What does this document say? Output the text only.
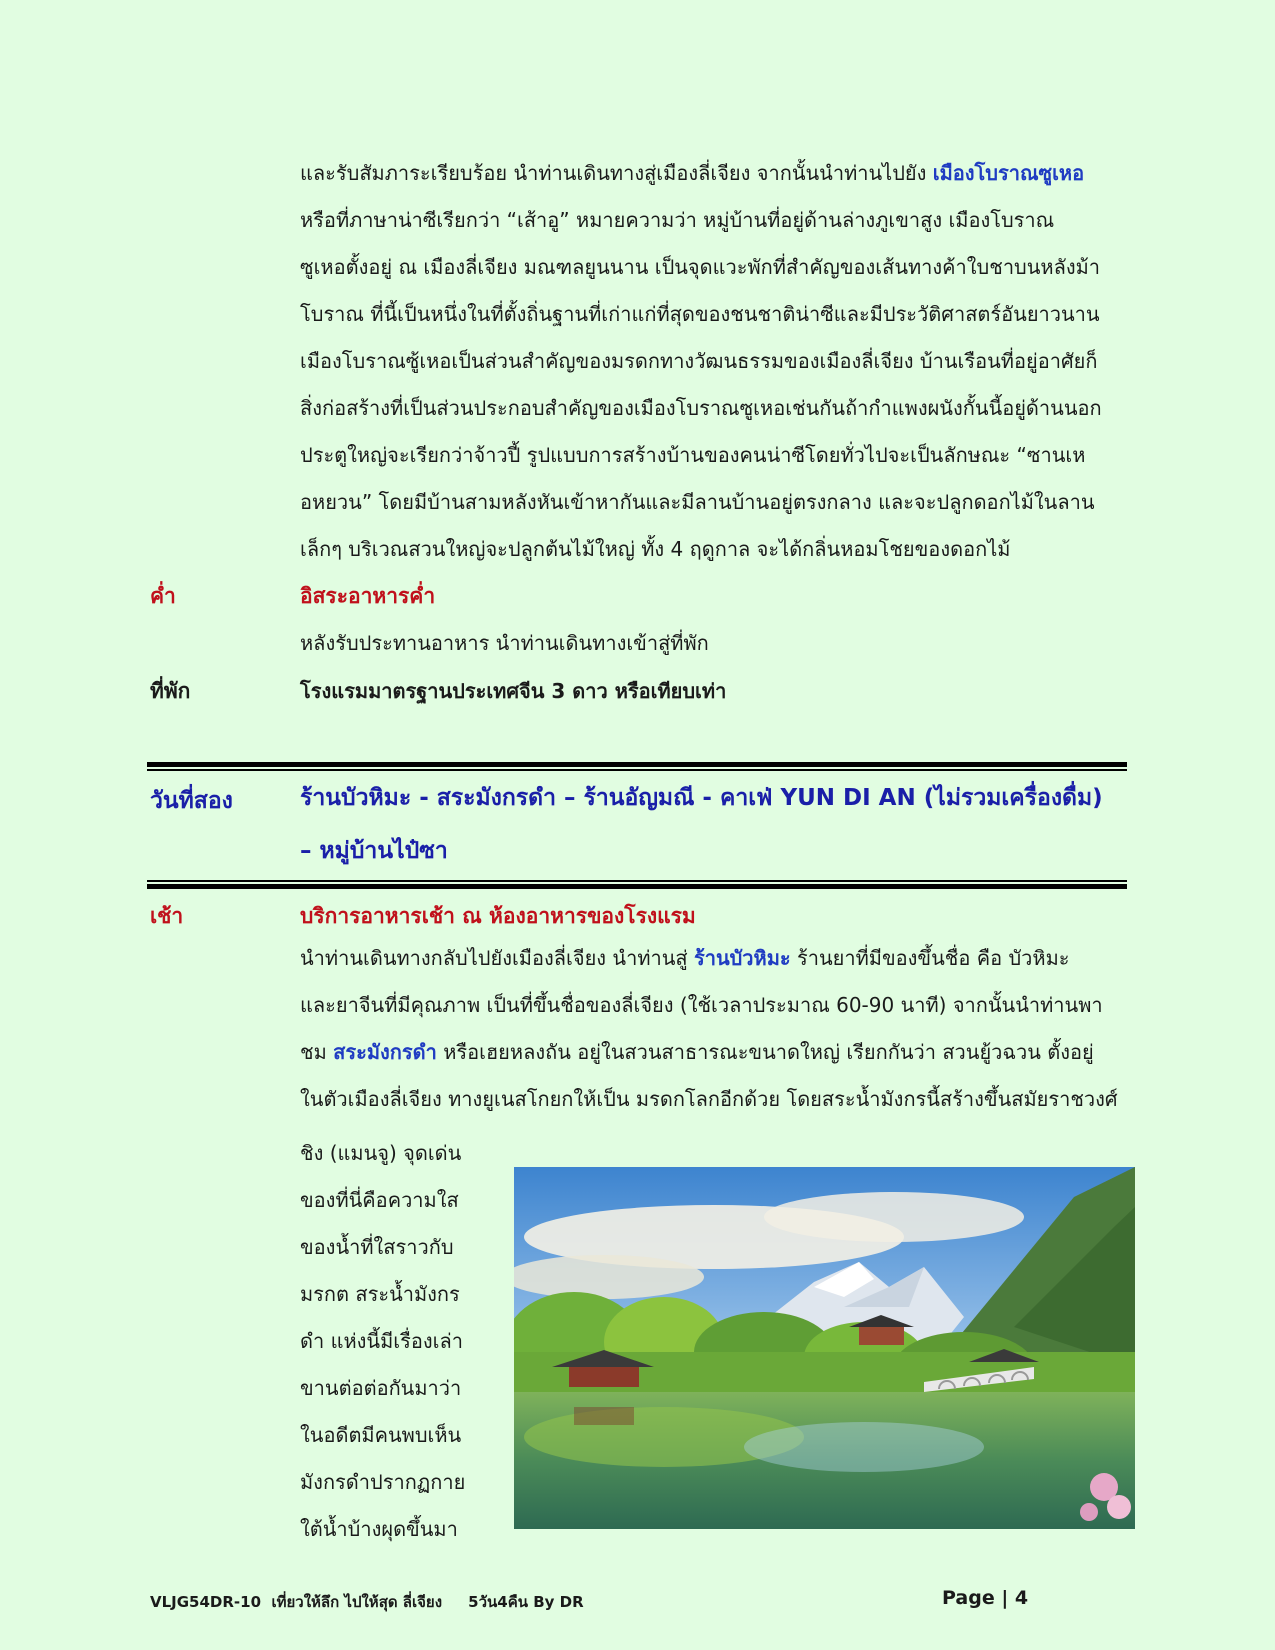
และรับสัมภาระเรียบร้อย นำท่านเดินทางสู่เมืองลี่เจียง จากนั้นนำท่านไปยัง เมืองโบราณซูเหอ
หรือที่ภาษาน่าซีเรียกว่า “เส้าอู” หมายความว่า หมู่บ้านที่อยู่ด้านล่างภูเขาสูง เมืองโบราณ
ซูเหอตั้งอยู่ ณ เมืองลี่เจียง มณฑลยูนนาน เป็นจุดแวะพักที่สำคัญของเส้นทางค้าใบชาบนหลังม้า
โบราณ ที่นี้เป็นหนึ่งในที่ตั้งถิ่นฐานที่เก่าแก่ที่สุดของชนชาติน่าซีและมีประวัติศาสตร์อันยาวนาน
เมืองโบราณซู้เหอเป็นส่วนสำคัญของมรดกทางวัฒนธรรมของเมืองลี่เจียง บ้านเรือนที่อยู่อาศัยก็
สิ่งก่อสร้างที่เป็นส่วนประกอบสำคัญของเมืองโบราณซูเหอเช่นกันถ้ากำแพงผนังกั้นนี้อยู่ด้านนอก
ประตูใหญ่จะเรียกว่าจ้าวปี้ รูปแบบการสร้างบ้านของคนน่าซีโดยทั่วไปจะเป็นลักษณะ “ซานเห
อหยวน” โดยมีบ้านสามหลังหันเข้าหากันและมีลานบ้านอยู่ตรงกลาง และจะปลูกดอกไม้ในลาน
เล็กๆ บริเวณสวนใหญ่จะปลูกต้นไม้ใหญ่ ทั้ง 4 ฤดูกาล จะได้กลิ่นหอมโชยของดอกไม้
ค่ำ	อิสระอาหารค่ำ
หลังรับประทานอาหาร นำท่านเดินทางเข้าสู่ที่พัก
ที่พัก	โรงแรมมาตรฐานประเทศจีน 3 ดาว หรือเทียบเท่า
วันที่สอง	ร้านบัวหิมะ - สระมังกรดำ – ร้านอัญมณี - คาเฟ่ YUN DI AN (ไม่รวมเครื่องดื่ม)
– หมู่บ้านไป๋ซา
เช้า	บริการอาหารเช้า ณ ห้องอาหารของโรงแรม
นำท่านเดินทางกลับไปยังเมืองลี่เจียง นำท่านสู่ ร้านบัวหิมะ ร้านยาที่มีของขึ้นชื่อ คือ บัวหิมะ
และยาจีนที่มีคุณภาพ เป็นที่ขึ้นชื่อของลี่เจียง (ใช้เวลาประมาณ 60-90 นาที) จากนั้นนำท่านพา
ชม สระมังกรดำ หรือเฮยหลงถัน อยู่ในสวนสาธารณะขนาดใหญ่ เรียกกันว่า สวนยู้วฉวน ตั้งอยู่
ในตัวเมืองลี่เจียง ทางยูเนสโกยกให้เป็น มรดกโลกอีกด้วย โดยสระน้ำมังกรนี้สร้างขึ้นสมัยราชวงศ์
ชิง (แมนจู) จุดเด่น
ของที่นี่คือความใส
ของน้ำที่ใสราวกับ
มรกต สระน้ำมังกร
ดำ แห่งนี้มีเรื่องเล่า
ขานต่อต่อกันมาว่า
ในอดีตมีคนพบเห็น
มังกรดำปรากฏกาย
ใต้น้ำบ้างผุดขึ้นมา
VLJG54DR-10  เที่ยวให้ลึก ไปให้สุด ลี่เจียง     5วัน4คืน By DR	Page | 4
